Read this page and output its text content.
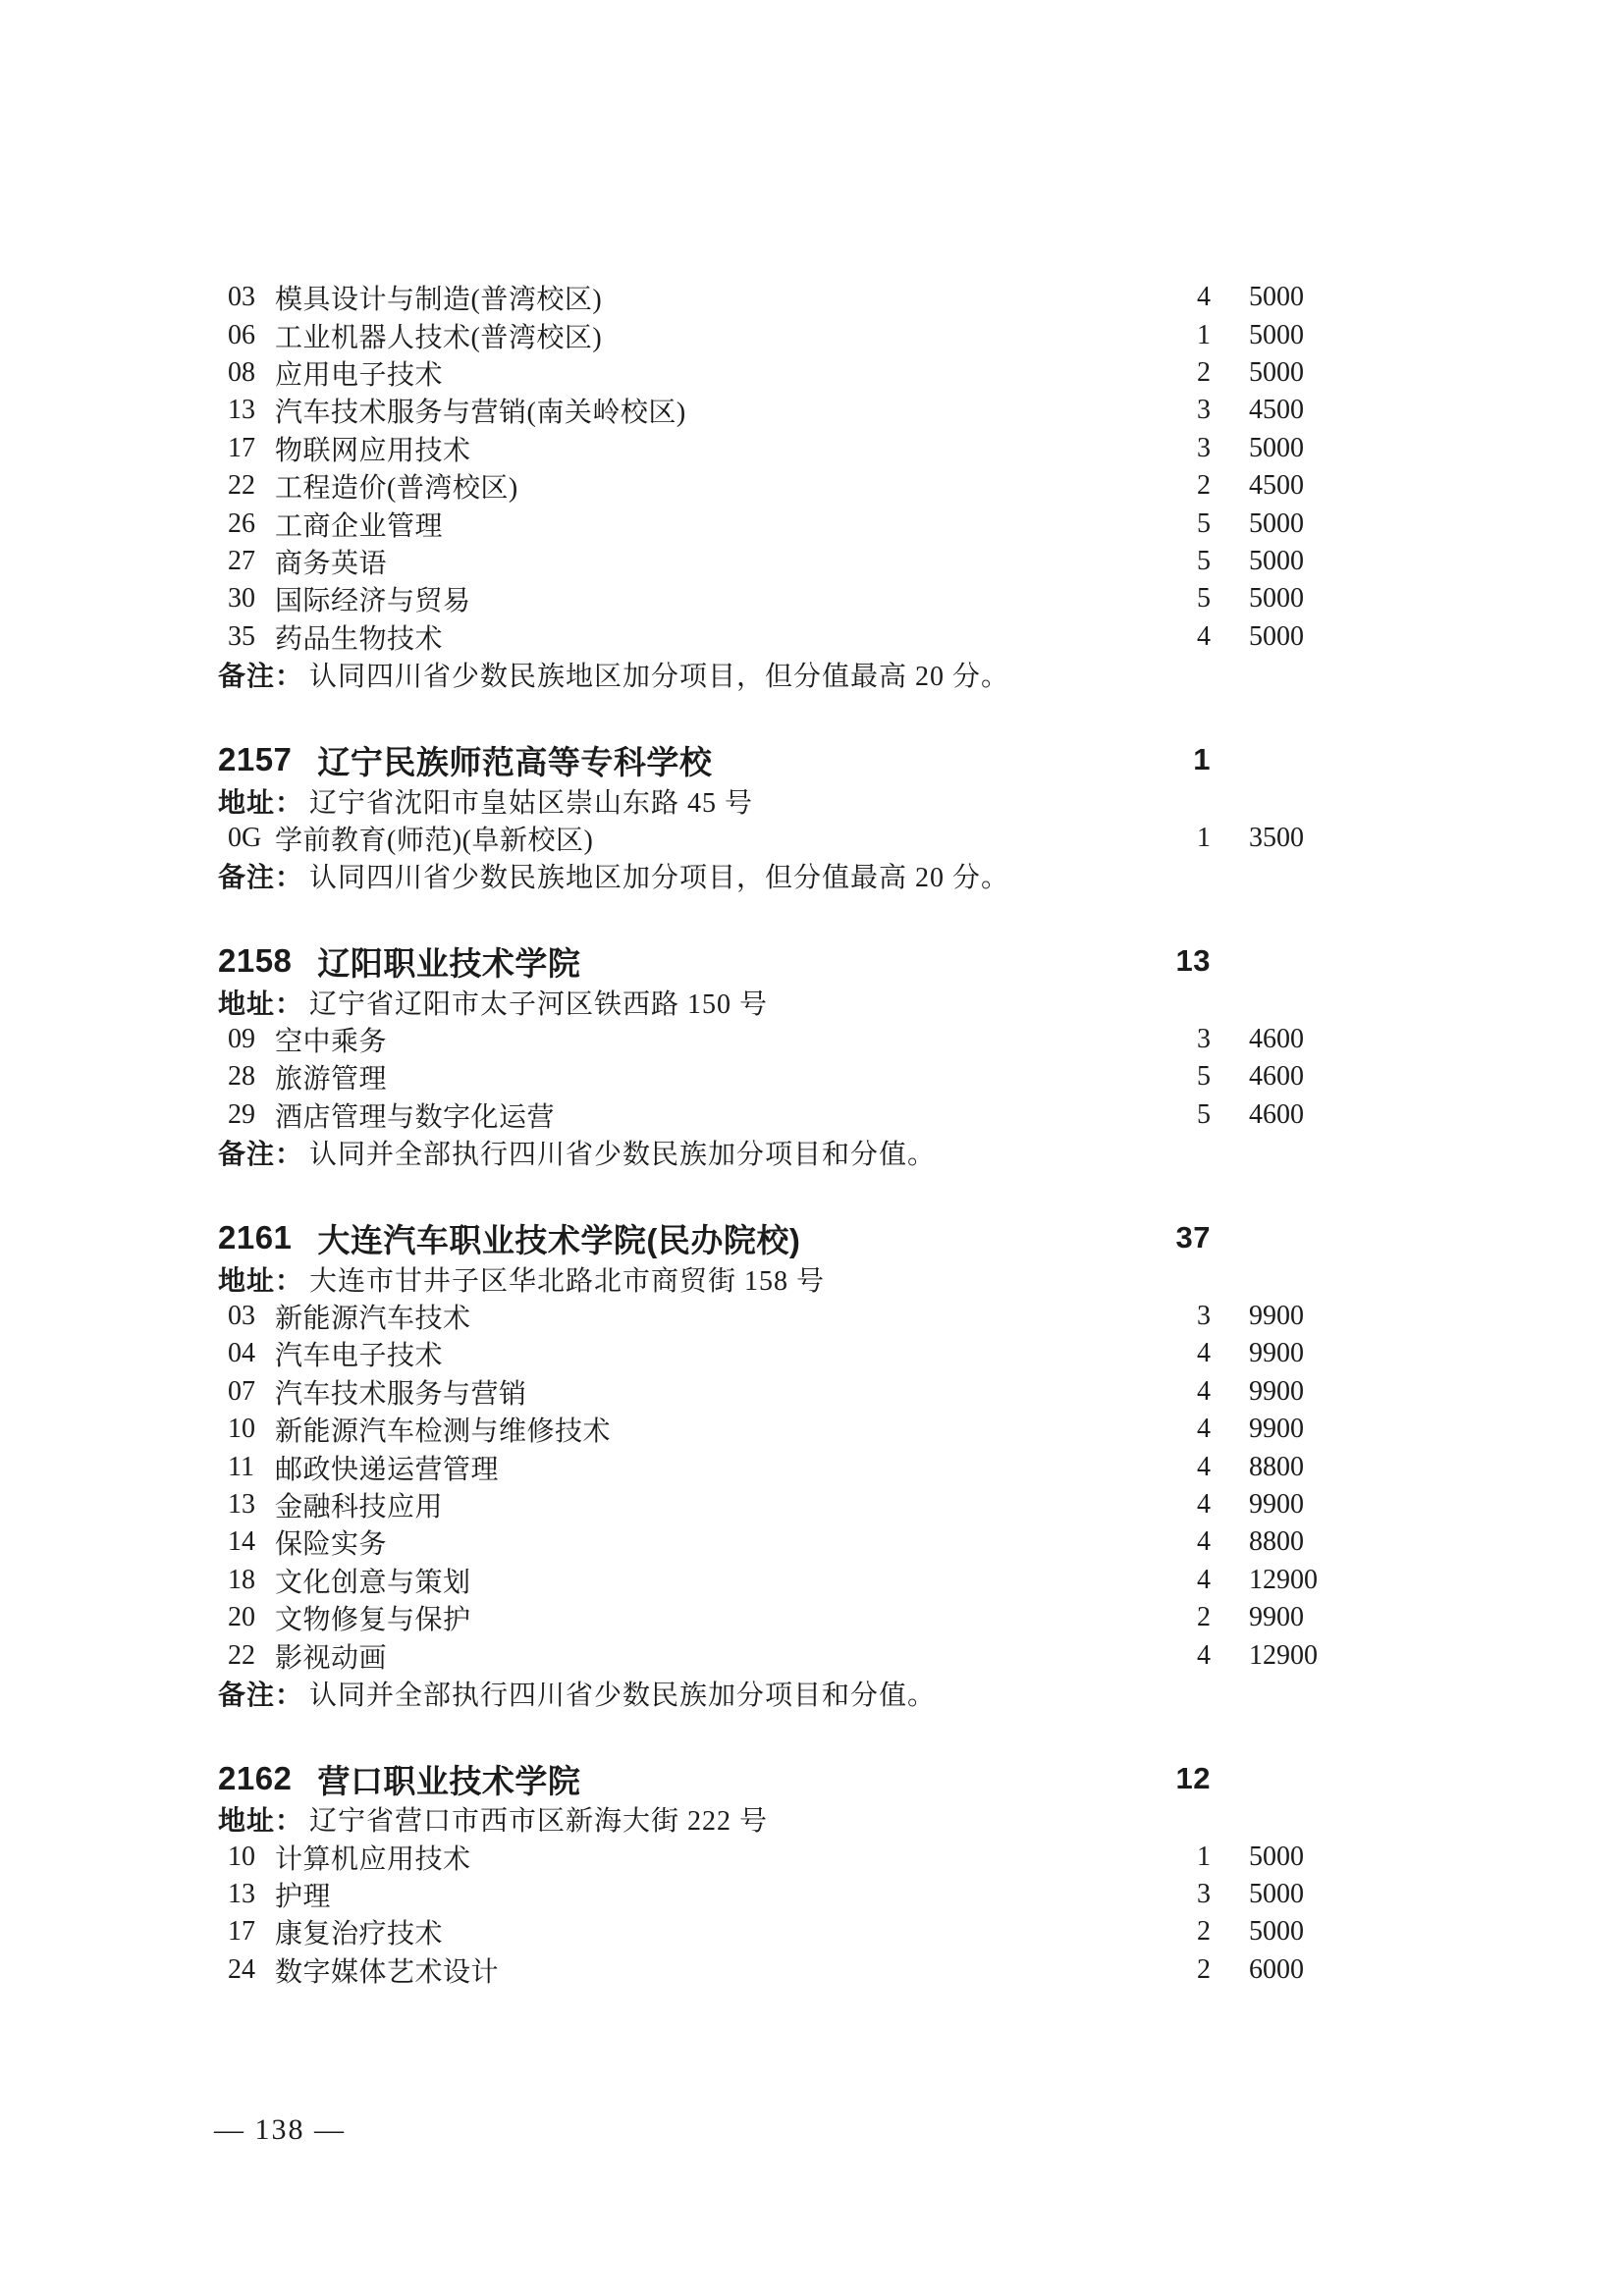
03 模具设计与制造(普湾校区)	4 5000
06 工业机器人技术(普湾校区)	1 5000
08 应用电子技术	2 5000
13 汽车技术服务与营销(南关岭校区)	3 4500
17 物联网应用技术	3 5000
22 工程造价(普湾校区)	2 4500
26 工商企业管理	5 5000
27 商务英语	5 5000
30 国际经济与贸易	5 5000
35 药品生物技术	4 5000
备注： 认同四川省少数民族地区加分项目，但分值最高 20 分。
2157 辽宁民族师范高等专科学校	1
地址： 辽宁省沈阳市皇姑区崇山东路 45 号
0G 学前教育(师范)(阜新校区)	1 3500
备注： 认同四川省少数民族地区加分项目，但分值最高 20 分。
2158 辽阳职业技术学院	13
地址： 辽宁省辽阳市太子河区铁西路 150 号
09 空中乘务	3 4600
28 旅游管理	5 4600
29 酒店管理与数字化运营	5 4600
备注： 认同并全部执行四川省少数民族加分项目和分值。
2161 大连汽车职业技术学院(民办院校)	37
地址： 大连市甘井子区华北路北市商贸街 158 号
03 新能源汽车技术	3 9900
04 汽车电子技术	4 9900
07 汽车技术服务与营销	4 9900
10 新能源汽车检测与维修技术	4 9900
11 邮政快递运营管理	4 8800
13 金融科技应用	4 9900
14 保险实务	4 8800
18 文化创意与策划	4 12900
20 文物修复与保护	2 9900
22 影视动画	4 12900
备注： 认同并全部执行四川省少数民族加分项目和分值。
2162 营口职业技术学院	12
地址： 辽宁省营口市西市区新海大街 222 号
10 计算机应用技术	1 5000
13 护理	3 5000
17 康复治疗技术	2 5000
24 数字媒体艺术设计	2 6000
— 138 —
